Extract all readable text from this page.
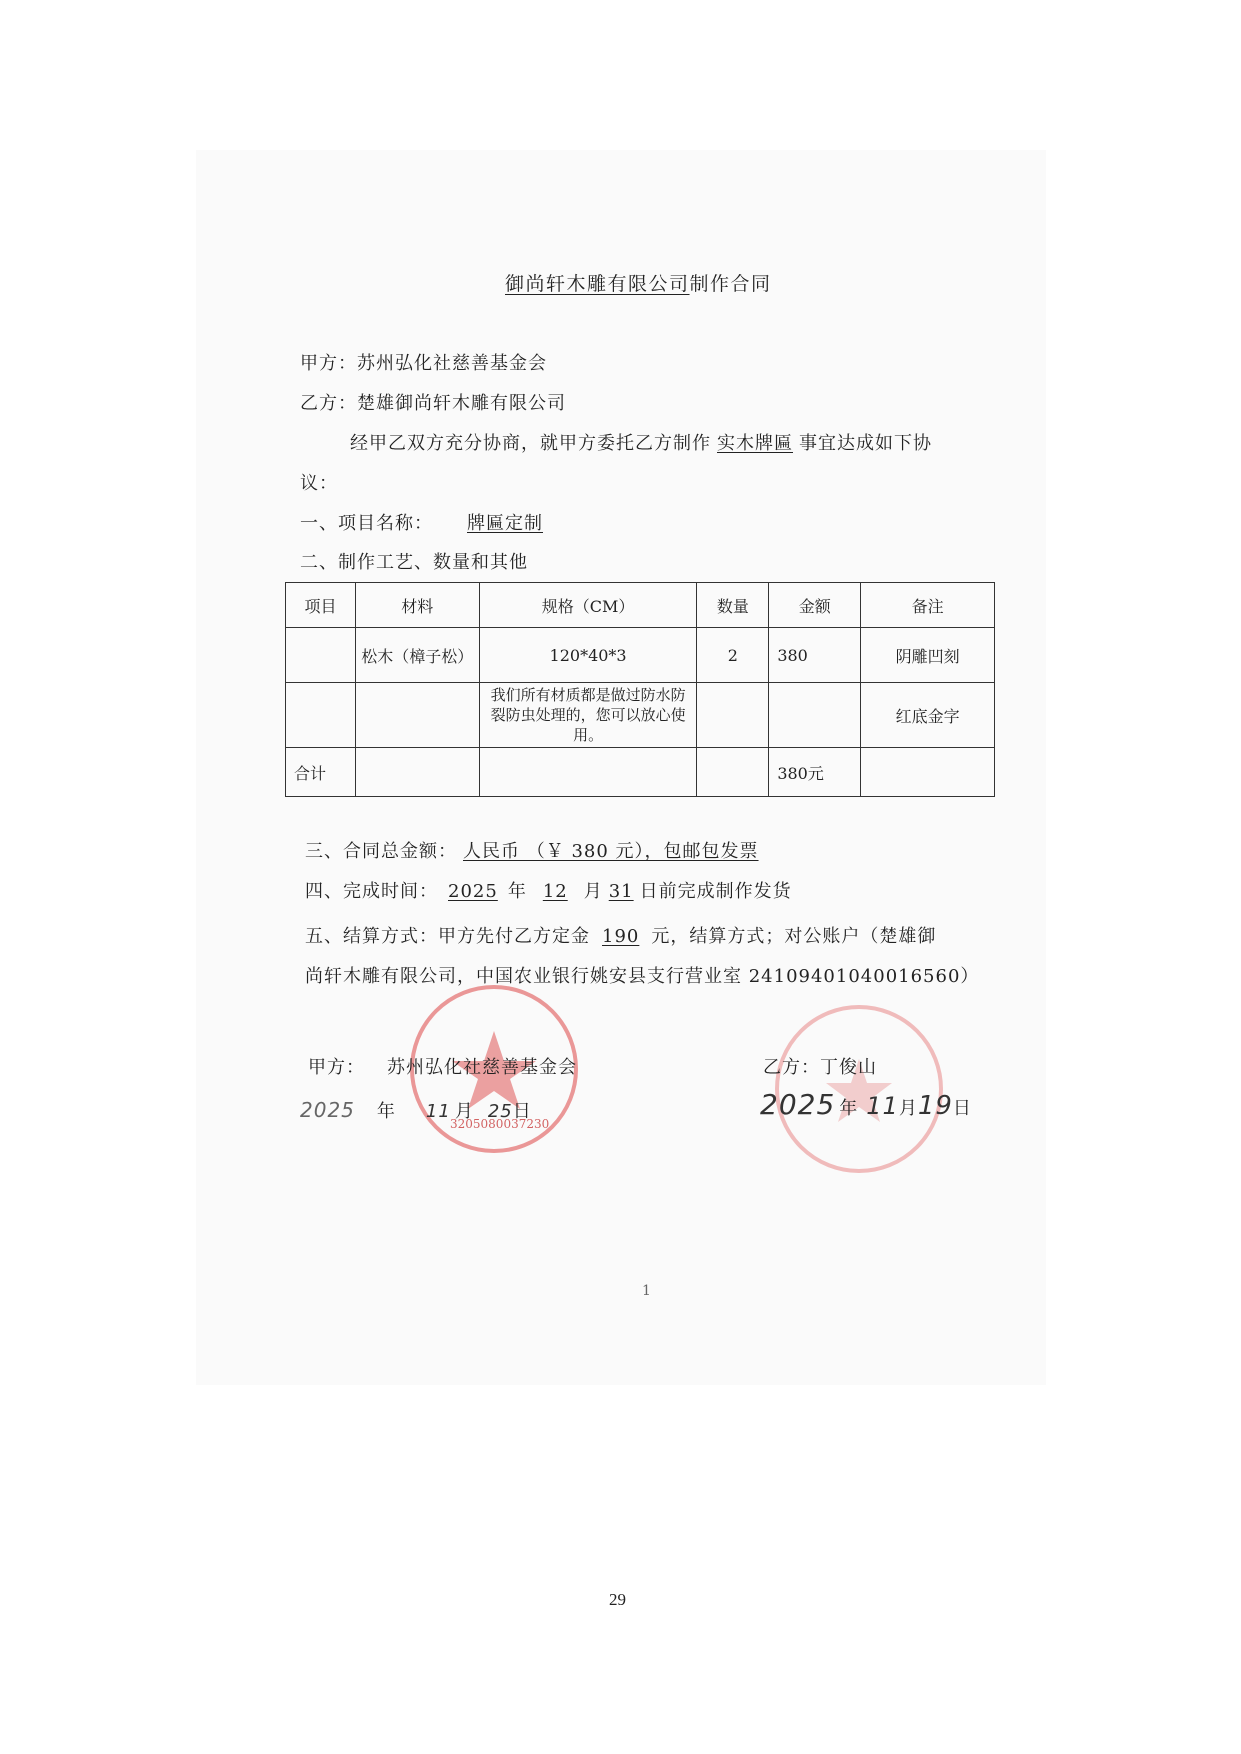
御尚轩木雕有限公司制作合同
甲方：苏州弘化社慈善基金会
乙方：楚雄御尚轩木雕有限公司
经甲乙双方充分协商，就甲方委托乙方制作 实木牌匾 事宜达成如下协
议：
一、项目名称： 牌匾定制
二、制作工艺、数量和其他
项目	材料	规格（CM）	数量	金额	备注
	松木（樟子松）	120*40*3	2	380	阴雕凹刻
		我们所有材质都是做过防水防裂防虫处理的，您可以放心使用。			红底金字
合计				380元	
三、合同总金额： 人民币 （￥ 380 元），包邮包发票
四、完成时间： 2025 年 12 月 31 日前完成制作发货
五、结算方式：甲方先付乙方定金 190 元，结算方式；对公账户（楚雄御
尚轩木雕有限公司，中国农业银行姚安县支行营业室 24109401040016560）
3205080037230
甲方： 苏州弘化社慈善基金会
2025 年 11 月 25日
乙方：丁俊山
2025 年 11月19日
1
29
